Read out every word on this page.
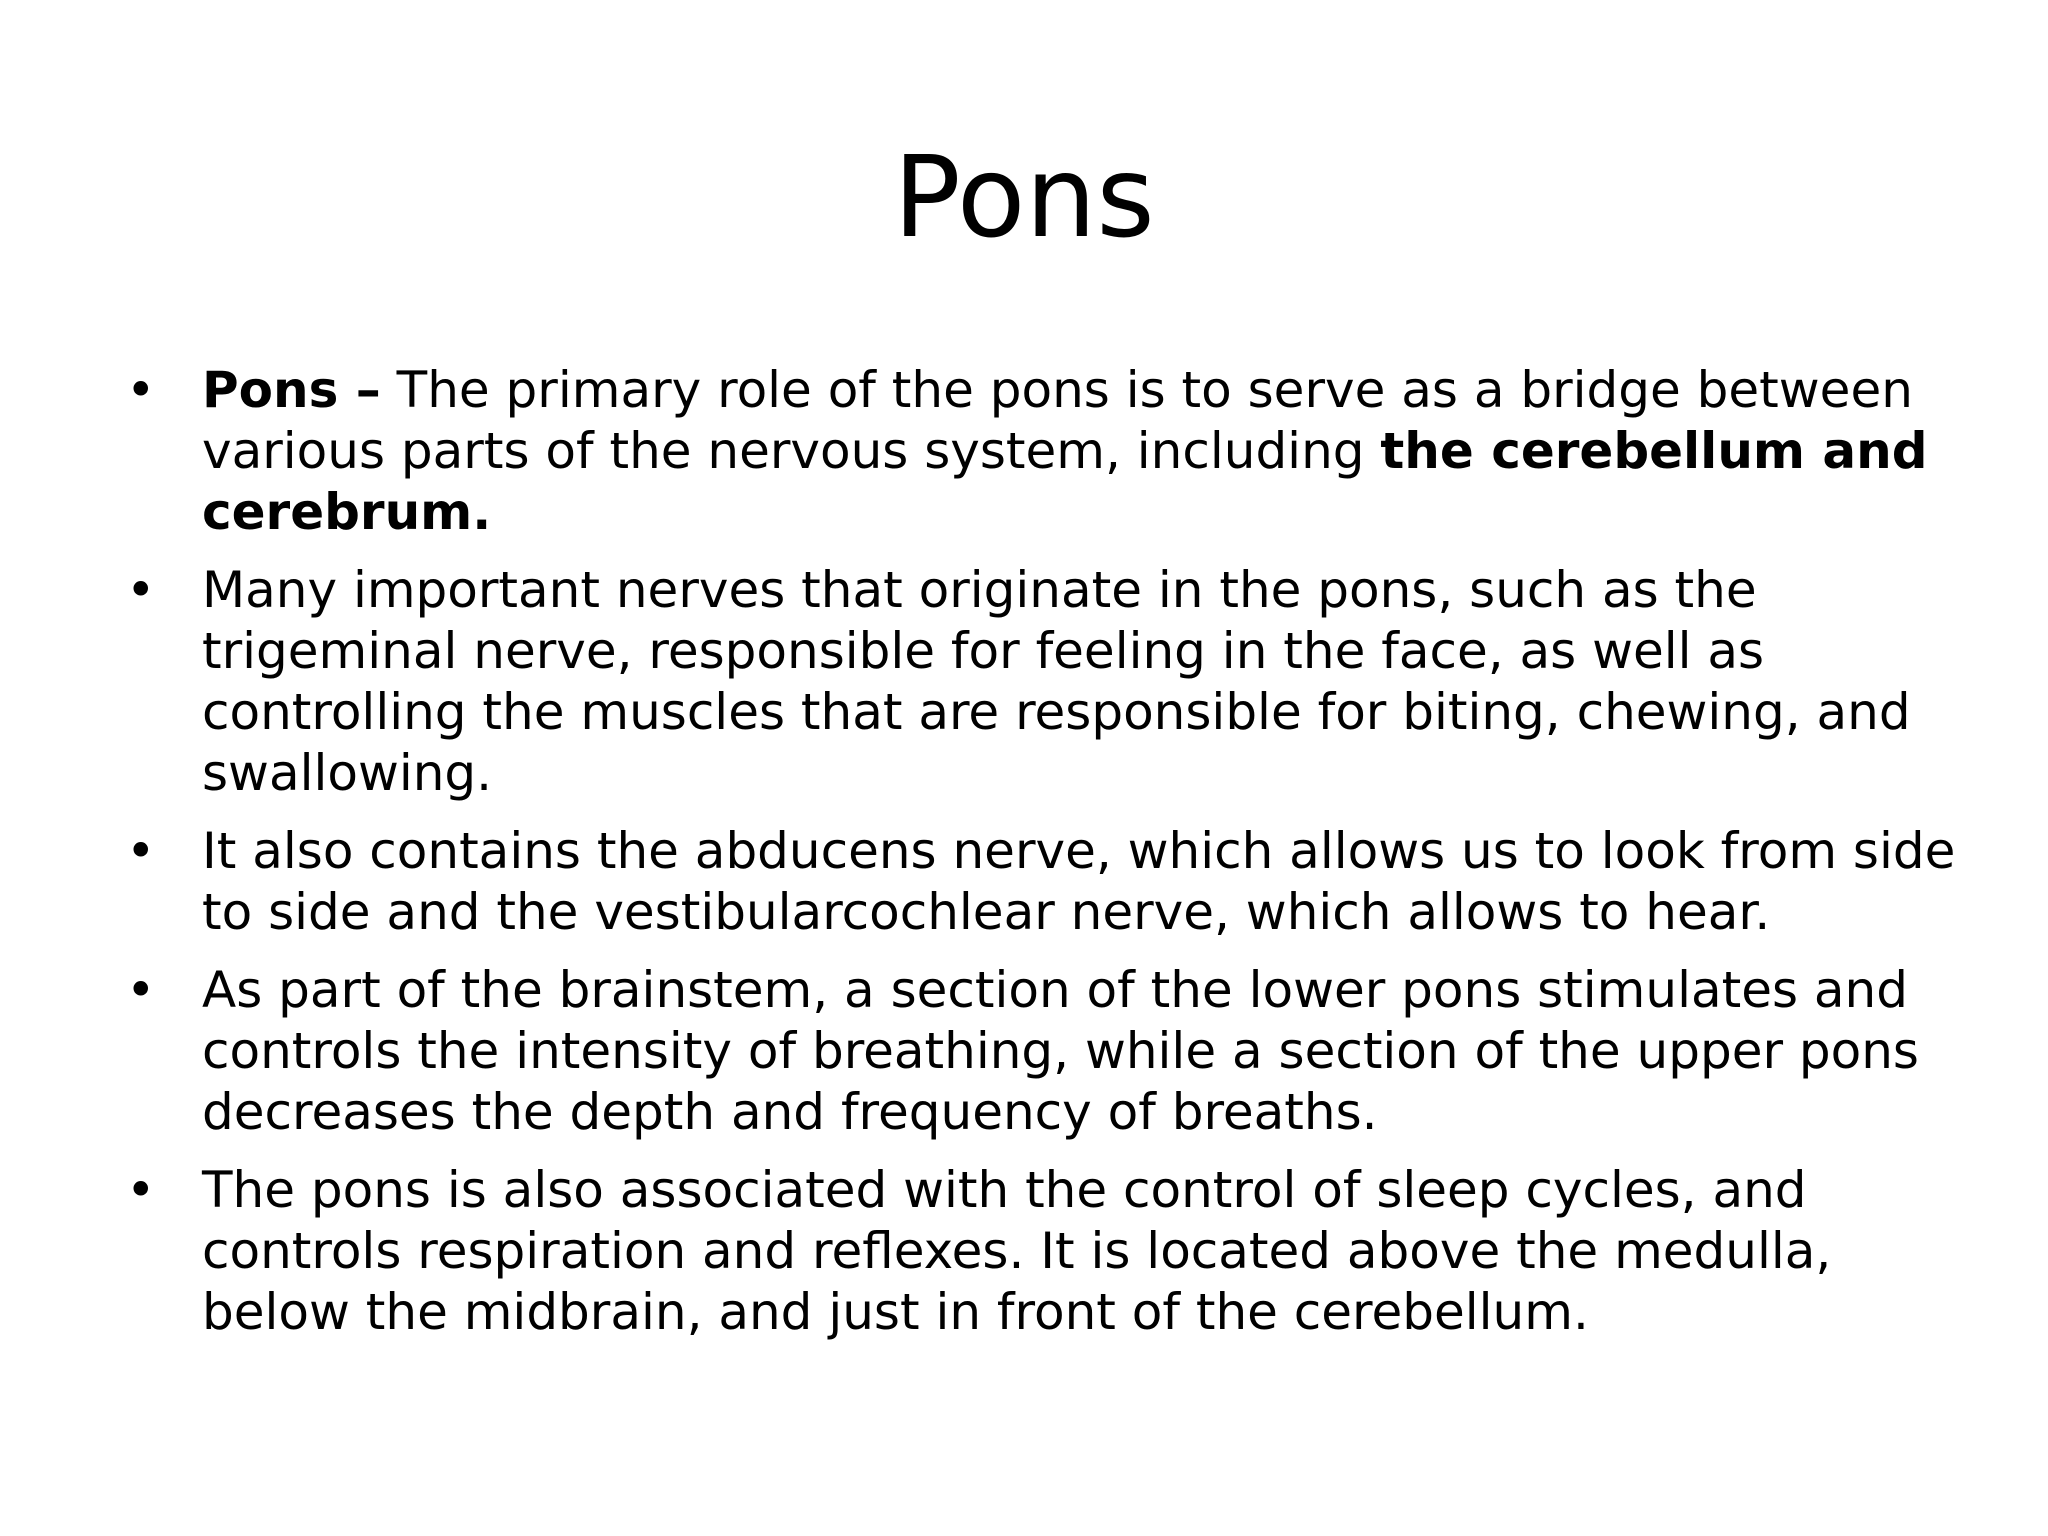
Pons
• Pons – The primary role of the pons is to serve as a bridge between various parts of the nervous system, including the cerebellum and cerebrum.
• Many important nerves that originate in the pons, such as the trigeminal nerve, responsible for feeling in the face, as well as controlling the muscles that are responsible for biting, chewing, and swallowing.
• It also contains the abducens nerve, which allows us to look from side to side and the vestibularcochlear nerve, which allows to hear.
• As part of the brainstem, a section of the lower pons stimulates and controls the intensity of breathing, while a section of the upper pons decreases the depth and frequency of breaths.
• The pons is also associated with the control of sleep cycles, and controls respiration and reflexes. It is located above the medulla, below the midbrain, and just in front of the cerebellum.
